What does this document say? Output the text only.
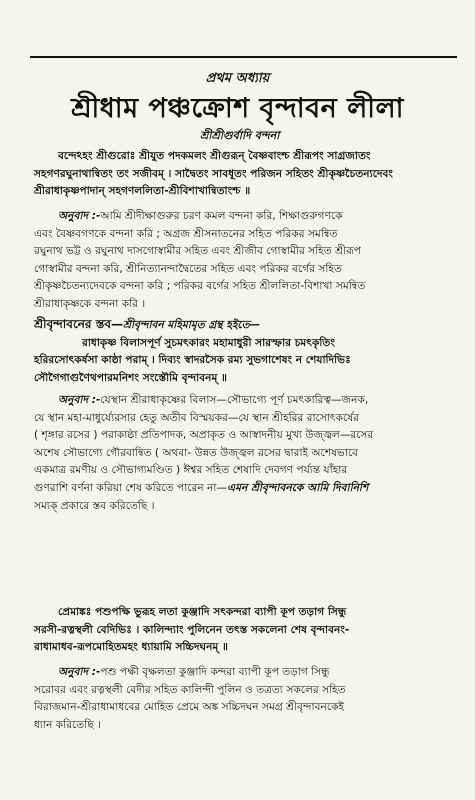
প্রথম অধ্যায়
শ্রীধাম পঞ্চক্রোশ বৃন্দাবন লীলা
শ্রীশ্রীগুর্বাদি বন্দনা
বন্দেঽহং শ্রীগুরোঃ শ্রীযুত পদকমলং শ্রীগুরূন্ বৈষ্ণবাংশ্চ শ্রীরূপং সাগ্রজাতং
সহগণরঘুনাথান্বিতং তং সজীবম্ । সাদ্বৈতং সাবধূতং পরিজন সহিতং শ্রীকৃষ্ণচৈতন্যদেবং
শ্রীরাধাকৃষ্ণপাদান্ সহগণললিতা-শ্রীবিশাখান্বিতাংশ্চ ॥
অনুবাদ :-আমি শ্রীদীক্ষাগুরুর চরণ কমল বন্দনা করি, শিক্ষাগুরুগণকে
এবং বৈষ্ণবগণকে বন্দনা করি ; অগ্রজ শ্রীসনাতনের সহিত পরিকর সমন্বিত
রঘুনাথ ভট্ট ও রঘুনাথ দাসগোস্বামীর সহিত এবং শ্রীজীব গোস্বামীর সহিত শ্রীরূপ
গোস্বামীর বন্দনা করি, শ্রীনিত্যানন্দাদ্বৈতের সহিত এবং পরিকর বর্গের সহিত
শ্রীকৃষ্ণচৈতন্যদেবকে বন্দনা করি ; পরিকর বর্গের সহিত শ্রীললিতা-বিশাখা সমন্বিত
শ্রীরাধাকৃষ্ণকে বন্দনা করি ।
শ্রীবৃন্দাবনের স্তব—শ্রীবৃন্দাবন মহিমামৃত গ্রন্থ হইতে—
রাধাকৃষ্ণ বিলাসপূর্ণ সুচমৎকারং মহামাধুরী সারস্ফার চমৎকৃতিং
হরিরসোৎকর্ষসা কাষ্ঠা পরাম্ । দিব্যং স্বাদরসৈক রম্য সুভগাশেষং ন শেযাদিভিঃ
সৌগৈগাগুণৈথপারমনিশং সংস্তৌমি বৃন্দাবনম্ ॥
অনুবাদ :-যেস্থান শ্রীরাধাকৃষ্ণের বিলাস—সৌভাগ্যে পূর্ণ চমৎকারিত্ব—জনক,
যে স্থান মহা-মাধুর্য্যেরসার হেতু অতীব বিস্ময়কর—যে স্থান শ্রীহরির রাসোৎকর্ষের
( শৃঙ্গার রসের ) পরাকাষ্ঠা প্রতিপাদক, অপ্রাকৃত ও আস্বাদনীয় মুখ্য উজ্জ্বল—রসের
অশেষ সৌভাগ্যে গৌরবান্বিত ( অথবা- উন্নত উজ্জ্বল রসের দ্বারাই অশেষভাবে
একমাত্র রমণীয় ও সৌভাগ্যমণ্ডিত ) ঈশ্বর সহিত শেষাদি দেবগণ পর্য্যন্ত যাঁহার
গুণরাশি বর্ণনা করিয়া শেষ করিতে পারেন না—এমন শ্রীবৃন্দাবনকে আমি দিবানিশি
সম্যক্ প্রকারে স্তব করিতেছি ।
প্রেমাঙ্কঃ পশুপক্ষি ভুরূহ লতা কুঞ্জাদি সৎকন্দরা ব্যাপী কূপ তড়াগ সিন্ধু
সরসী-রত্নস্থলী বেদিভিঃ । কালিন্দ্যাং পুলিনেন তৎস্ত সকলেনা শেষ বৃন্দাবনং-
রাধামাধব-রূপমোহিতমহং ধ্যায়ামি সচ্চিদঘনম্ ॥
অনুবাদ :-পশু পক্ষী বৃক্ষলতা কুঞ্জাদি কন্দরা ব্যাপী কূপ তড়াগ সিন্ধু
সরোবর এবং রত্নস্থলী বেদীর সহিত কালিন্দী পুলিন ও তত্রত্য সকলের সহিত
বিরাজমান-শ্রীরাধামাধবের মোহিত প্রেমে অঙ্ক সচ্চিদঘন সমগ্র শ্রীবৃন্দাবনকেই
ধ্যান করিতেছি ।
